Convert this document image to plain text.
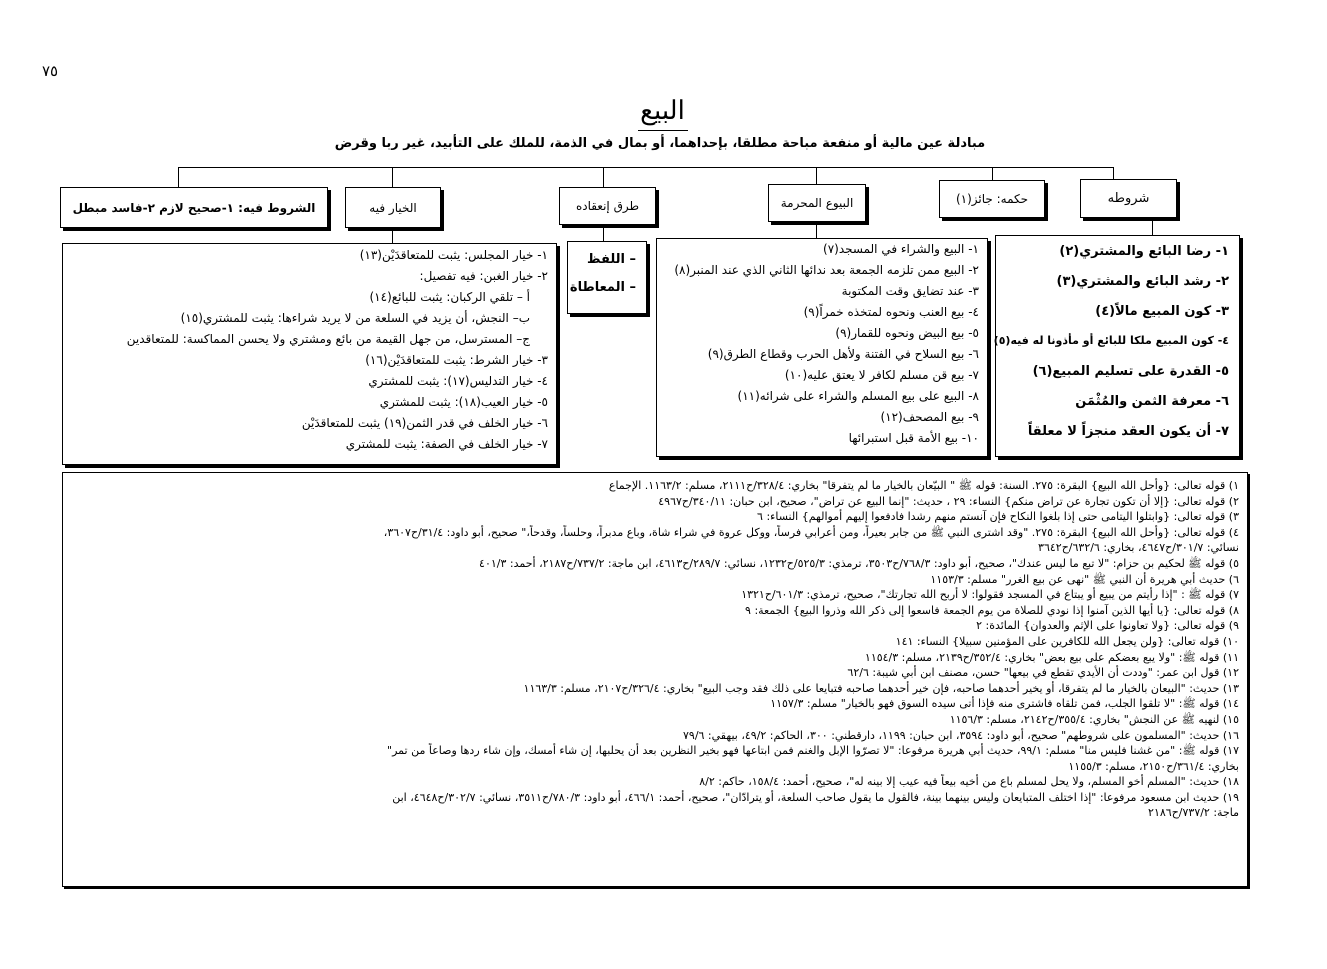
٧٥
البيع
مبادلة عين مالية أو منفعة مباحة مطلقا، بإحداهما، أو بمال في الذمة، للملك على التأبيد، غير ربا وقرض
شروطه
حكمه: جائز(١)
البيوع المحرمة
طرق إنعقاده
الخيار فيه
الشروط فيه: ١-صحيح لازم ٢-فاسد مبطل
١- رضا البائع والمشتري(٢)
٢- رشد البائع والمشتري(٣)
٣- كون المبيع مالاً(٤)
٤- كون المبيع ملكا للبائع أو مأذونا له فيه(٥)
٥- القدرة على تسليم المبيع(٦)
٦- معرفة الثمن والمُثْمَن
٧- أن يكون العقد منجزاً لا معلقاً
١- البيع والشراء في المسجد(٧)
٢- البيع ممن تلزمه الجمعة بعد ندائها الثاني الذي عند المنبر(٨)
٣- عند تضايق وقت المكتوبة
٤- بيع العنب ونحوه لمتخذه خمراً(٩)
٥- بيع البيض ونحوه للقمار(٩)
٦- بيع السلاح في الفتنة ولأهل الحرب وقطاع الطرق(٩)
٧- بيع قن مسلم لكافر لا يعتق عليه(١٠)
٨- البيع على بيع المسلم والشراء على شرائه(١١)
٩- بيع المصحف(١٢)
١٠- بيع الأمة قبل استبرائها
– اللفظ
– المعاطاة
١- خيار المجلس: يثبت للمتعاقدَيْن(١٣)
٢- خيار الغبن: فيه تفصيل:
أ – تلقي الركبان: يثبت للبائع(١٤)
ب– النجش، أن يزيد في السلعة من لا يريد شراءها: يثبت للمشتري(١٥)
ج– المسترسل، من جهل القيمة من بائع ومشتري ولا يحسن المماكسة: للمتعاقدين
٣- خيار الشرط: يثبت للمتعاقدَيْن(١٦)
٤- خيار التدليس(١٧): يثبت للمشتري
٥- خيار العيب(١٨): يثبت للمشتري
٦- خيار الخلف في قدر الثمن(١٩) يثبت للمتعاقدَيْن
٧- خيار الخلف في الصفة: يثبت للمشتري
١) قوله تعالى: {وأحل الله البيع} البقرة: ٢٧٥. السنة: قوله ﷺ " البيّعان بالخيار ما لم يتفرقا" بخاري: ٣٢٨/٤/ح٢١١١، مسلم: ١١٦٣/٢. الإجماع
٢) قوله تعالى: {إلا أن تكون تجارة عن تراض منكم} النساء: ٢٩ ، حديث: "إنما البيع عن تراض"، صحيح، ابن حبان: ٣٤٠/١١/ح٤٩٦٧
٣) قوله تعالى: {وابتلوا اليتامى حتى إذا بلغوا النكاح فإن آنستم منهم رشدا فادفعوا إليهم أموالهم} النساء: ٦
٤) قوله تعالى: {وأحل الله البيع} البقرة: ٢٧٥. "وقد اشترى النبي ﷺ من جابر بعيراً، ومن أعرابي فرساً، ووكل عروة في شراء شاة، وباع مدبراً، وحلساً، وقدحاً،" صحيح، أبو داود: ٣١/٤/ح٣٦٠٧،
نسائي: ٣٠١/٧/ح٤٦٤٧، بخاري: ٦٣٢/٦/ح٣٦٤٢
٥) قوله ﷺ لحكيم بن حزام: "لا تبع ما ليس عندك"، صحيح، أبو داود: ٧٦٨/٣/ح٣٥٠٣، ترمذي: ٥٢٥/٣/ح١٢٣٢، نسائي: ٢٨٩/٧/ح٤٦١٣، ابن ماجة: ٧٣٧/٢/ح٢١٨٧، أحمد: ٤٠١/٣
٦) حديث أبي هريرة أن النبي ﷺ "نهى عن بيع الغرر" مسلم: ١١٥٣/٣
٧) قوله ﷺ : "إذا رأيتم من يبيع أو يبتاع في المسجد فقولوا: لا أربح الله تجارتك"، صحيح، ترمذي: ٦٠١/٣/ح١٣٢١
٨) قوله تعالى: {يا أيها الذين آمنوا إذا نودي للصلاة من يوم الجمعة فاسعوا إلى ذكر الله وذروا البيع} الجمعة: ٩
٩) قوله تعالى: {ولا تعاونوا على الإثم والعدوان} المائدة: ٢
١٠) قوله تعالى: {ولن يجعل الله للكافرين على المؤمنين سبيلا} النساء: ١٤١
١١) قوله ﷺ: "ولا يبع بعضكم على بيع بعض" بخاري: ٣٥٢/٤/ح٢١٣٩، مسلم: ١١٥٤/٣
١٢) قول ابن عمر: "وددت أن الأيدي تقطع في بيعها" حسن، مصنف ابن أبي شيبة: ٦٢/٦
١٣) حديث: "البيعان بالخيار ما لم يتفرقا، أو يخير أحدهما صاحبه، فإن خير أحدهما صاحبه فتبايعا على ذلك فقد وجب البيع" بخاري: ٣٢٦/٤/ح٢١٠٧، مسلم: ١١٦٣/٣
١٤) قوله ﷺ: "لا تلقوا الجلب، فمن تلقاه فاشترى منه فإذا أتى سيده السوق فهو بالخيار" مسلم: ١١٥٧/٣
١٥) لنهيه ﷺ عن النجش" بخاري: ٣٥٥/٤/ح٢١٤٢، مسلم: ١١٥٦/٣
١٦) حديث: "المسلمون على شروطهم" صحيح، أبو داود: ٣٥٩٤، ابن حبان: ١١٩٩، دارقطني: ٣٠٠، الحاكم: ٤٩/٢، بيهقي: ٧٩/٦
١٧) قوله ﷺ: "من غشنا فليس منا" مسلم: ٩٩/١، حديث أبي هريرة مرفوعا: "لا تصرّوا الإبل والغنم فمن ابتاعها فهو بخير النظرين بعد أن يحلبها، إن شاء أمسك، وإن شاء ردها وصاعاً من تمر"
بخاري: ٣٦١/٤/ح٢١٥٠، مسلم: ١١٥٥/٣
١٨) حديث: "المسلم أخو المسلم، ولا يحل لمسلم باع من أخيه بيعاً فيه عيب إلا بينه له"، صحيح، أحمد: ١٥٨/٤، حاكم: ٨/٢
١٩) حديث ابن مسعود مرفوعا: "إذا اختلف المتبايعان وليس بينهما بينة، فالقول ما يقول صاحب السلعة، أو يترادّان"، صحيح، أحمد: ٤٦٦/١، أبو داود: ٧٨٠/٣/ح٣٥١١، نسائي: ٣٠٢/٧/ح٤٦٤٨، ابن
ماجة: ٧٣٧/٢/ح٢١٨٦
